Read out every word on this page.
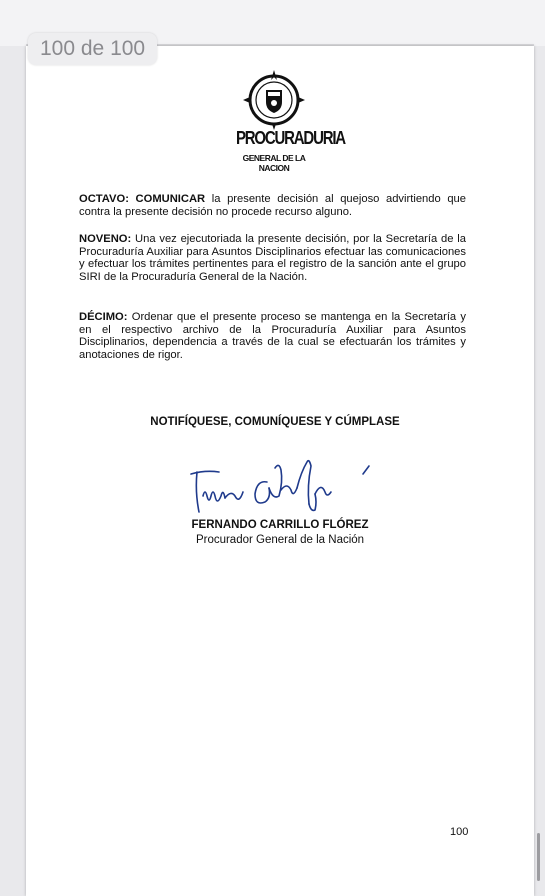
100 de 100
PROCURADURIA
GENERAL DE LA NACION
OCTAVO: COMUNICAR la presente decisión al quejoso advirtiendo que contra la presente decisión no procede recurso alguno.
NOVENO: Una vez ejecutoriada la presente decisión, por la Secretaría de la Procuraduría Auxiliar para Asuntos Disciplinarios efectuar las comunicaciones y efectuar los trámites pertinentes para el registro de la sanción ante el grupo SIRI de la Procuraduría General de la Nación.
DÉCIMO: Ordenar que el presente proceso se mantenga en la Secretaría y en el respectivo archivo de la Procuraduría Auxiliar para Asuntos Disciplinarios, dependencia a través de la cual se efectuarán los trámites y anotaciones de rigor.
NOTIFÍQUESE, COMUNÍQUESE Y CÚMPLASE
FERNANDO CARRILLO FLÓREZ
Procurador General de la Nación
100
